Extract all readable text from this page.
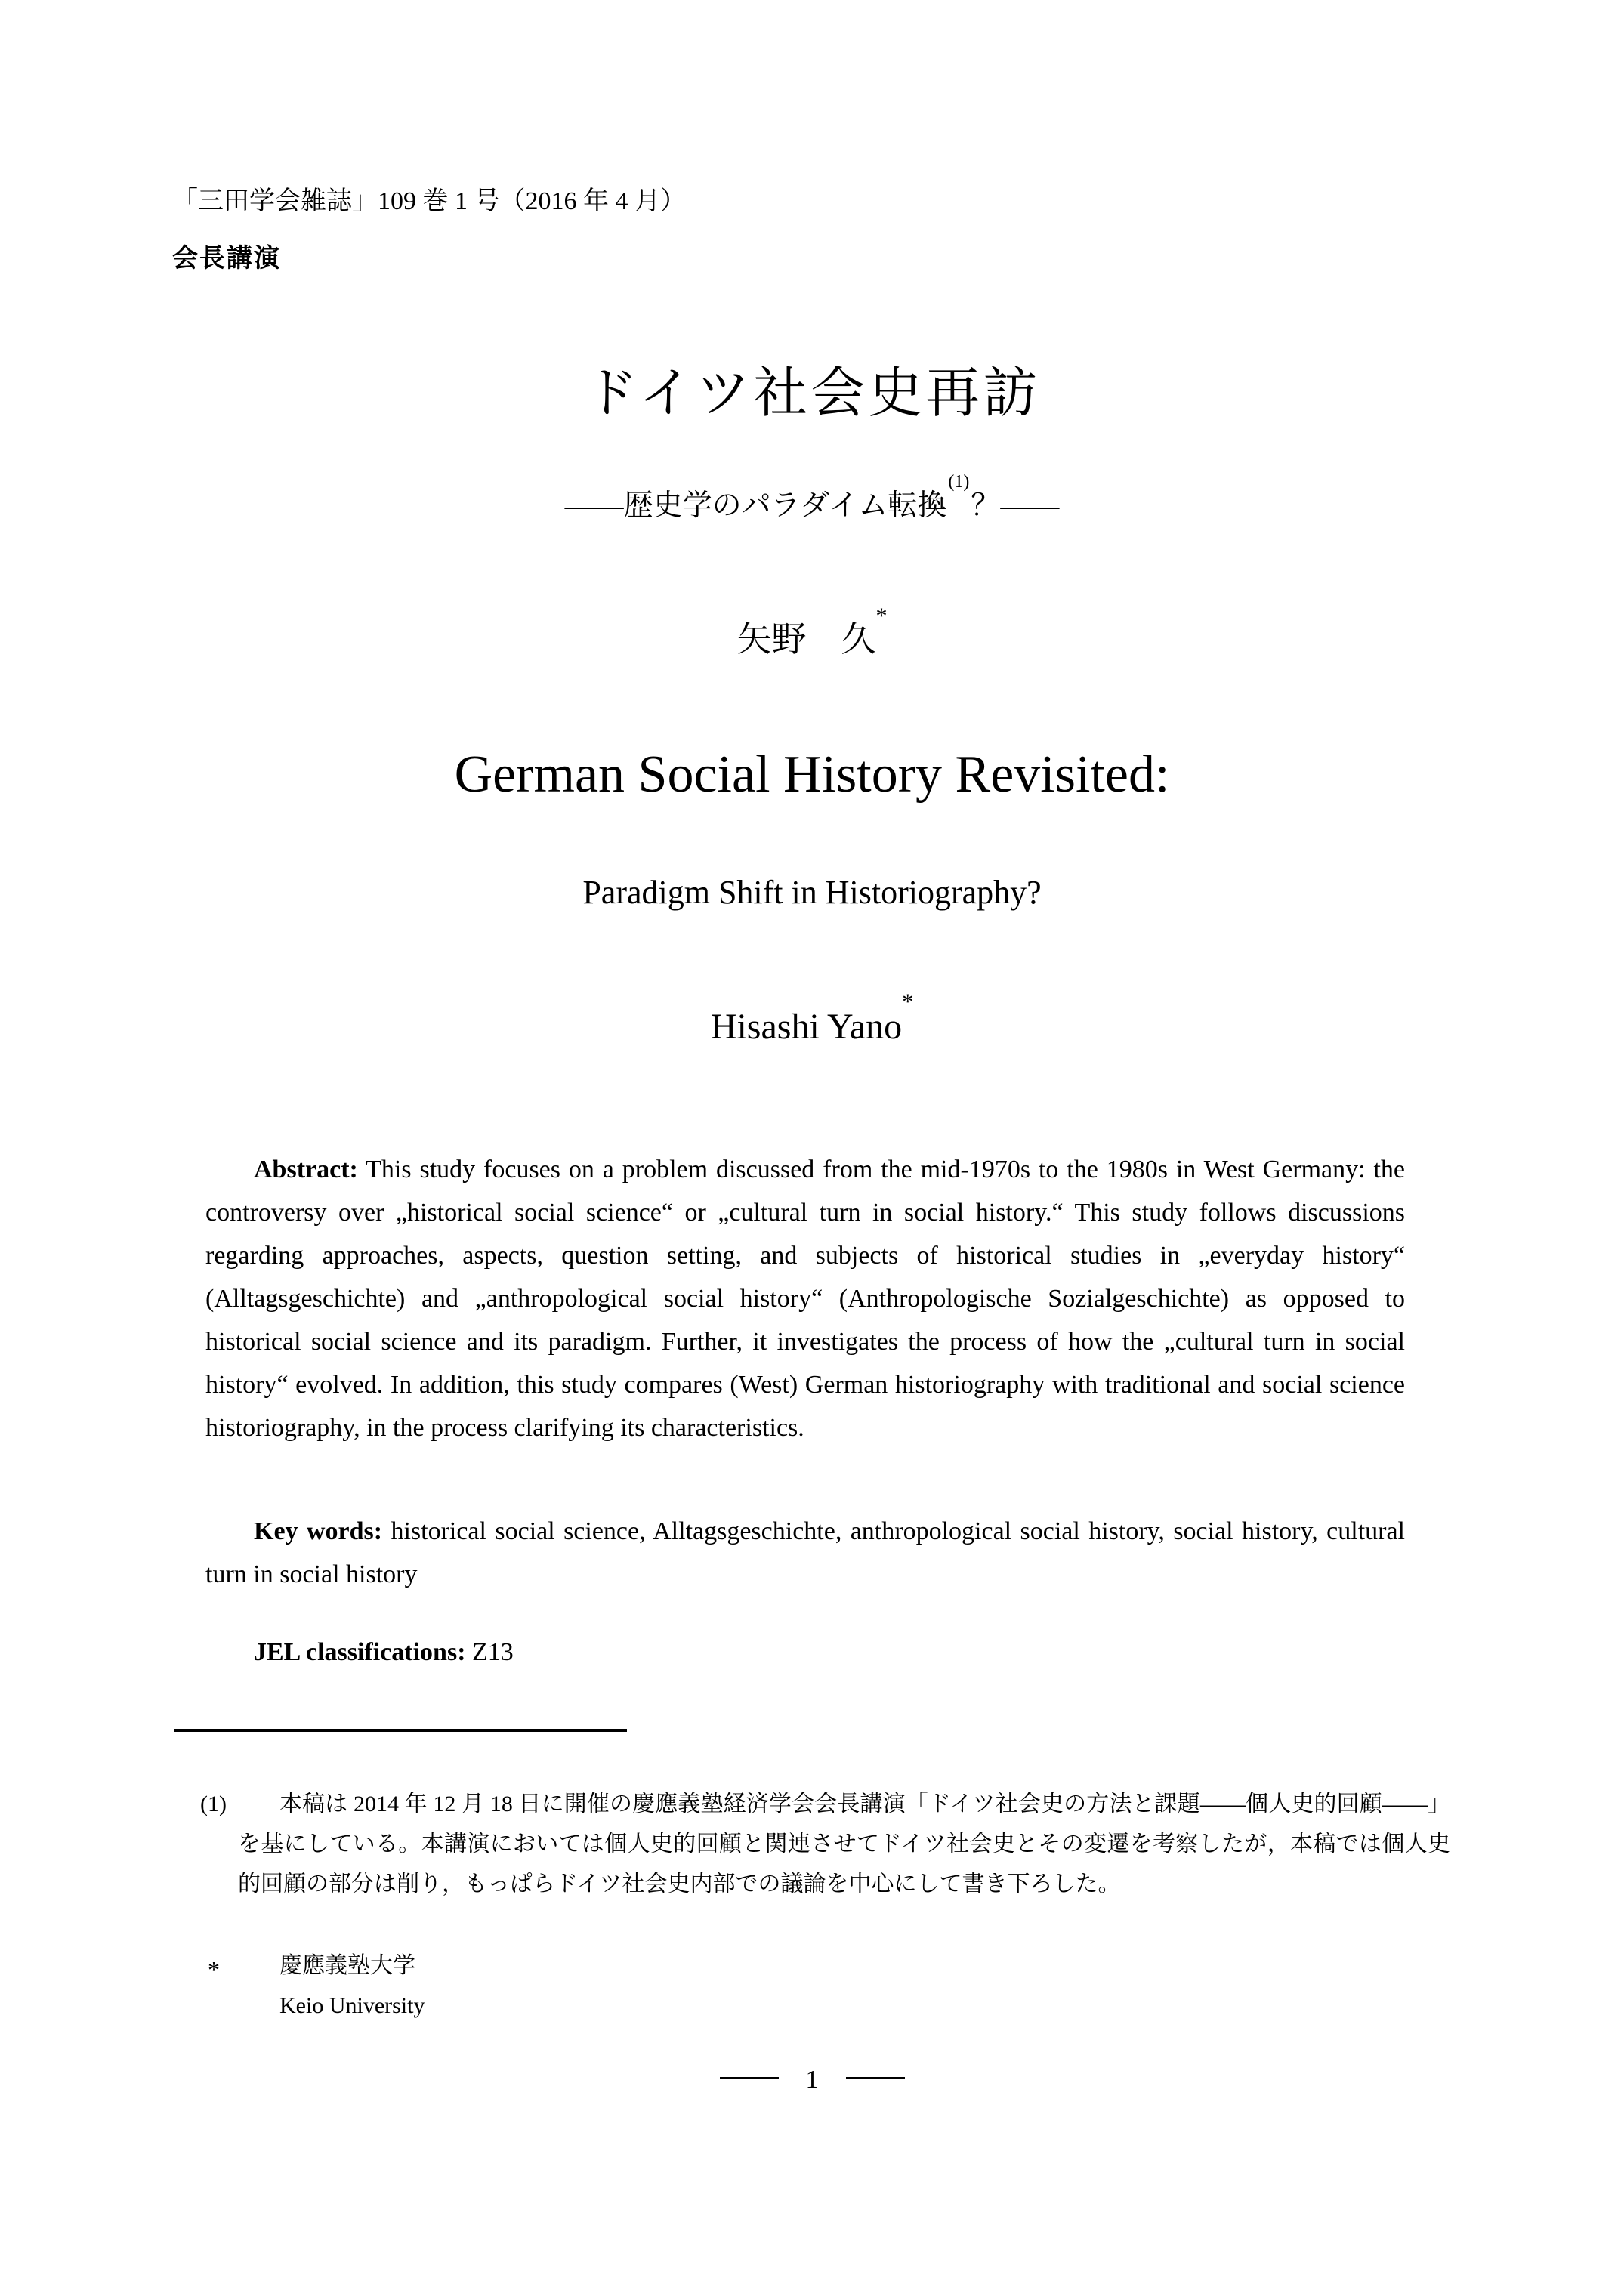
「三田学会雑誌」109 巻 1 号（2016 年 4 月）
会長講演
ドイツ社会史再訪
——歴史学のパラダイム転換$^{(1)}$？——
矢野　久*
German Social History Revisited:
Paradigm Shift in Historiography?
Hisashi Yano*

Abstract: This study focuses on a problem discussed from the mid-1970s to the 1980s in West Germany: the controversy over „historical social science“ or „cultural turn in social history.“ This study follows discussions regarding approaches, aspects, question setting, and subjects of historical studies in „everyday history“ (Alltagsgeschichte) and „anthropological social history“ (Anthropologische Sozialgeschichte) as opposed to historical social science and its paradigm. Further, it investigates the process of how the „cultural turn in social history“ evolved. In addition, this study compares (West) German historiography with traditional and social science historiography, in the process clarifying its characteristics.

Key words: historical social science, Alltagsgeschichte, anthropological social history, social history, cultural turn in social history

JEL classifications: Z13

(1) 本稿は 2014 年 12 月 18 日に開催の慶應義塾経済学会会長講演「ドイツ社会史の方法と課題——個人史的回顧——」を基にしている。本講演においては個人史的回顧と関連させてドイツ社会史とその変遷を考察したが，本稿では個人史的回顧の部分は削り，もっぱらドイツ社会史内部での議論を中心にして書き下ろした。

*	慶應義塾大学
Keio University

1
